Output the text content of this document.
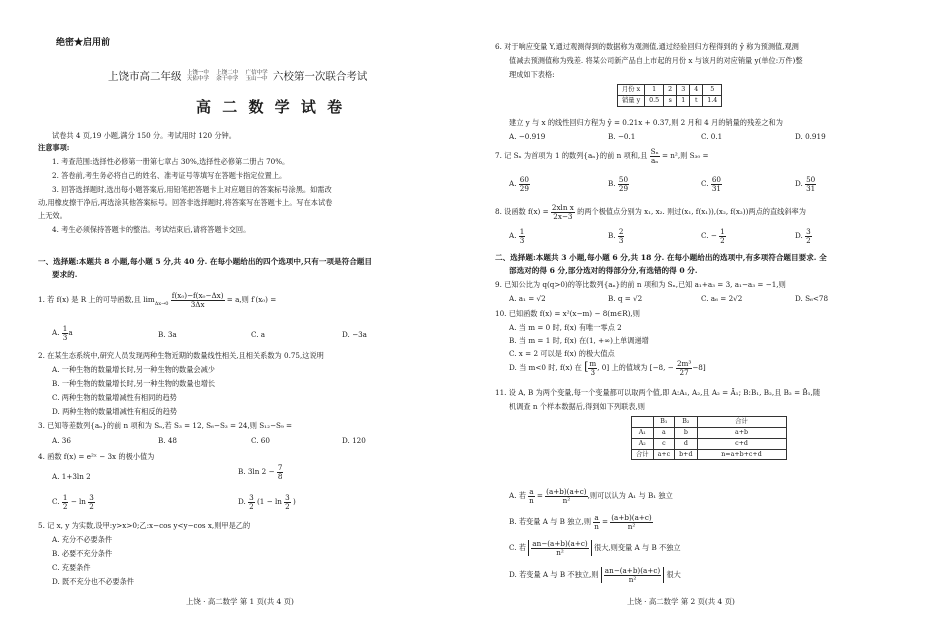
绝密★启用前
上饶市高二年级 上饶一中
天佑中学

上饶二中
余干中学

广信中学
玉山一中 六校第一次联合考试
高 二 数 学 试 卷
试卷共 4 页,19 小题,满分 150 分。考试用时 120 分钟。
注意事项:
1. 考查范围:选择性必修第一册第七章占 30%,选择性必修第二册占 70%。
2. 答卷前,考生务必将自己的姓名、准考证号等填写在答题卡指定位置上。
3. 回答选择题时,选出每小题答案后,用铅笔把答题卡上对应题目的答案标号涂黑。如需改
动,用橡皮擦干净后,再选涂其他答案标号。回答非选择题时,将答案写在答题卡上。写在本试卷
上无效。
4. 考生必须保持答题卡的整洁。考试结束后,请将答题卡交回。
一、选择题:本题共 8 小题,每小题 5 分,共 40 分. 在每小题给出的四个选项中,只有一项是符合题目
要求的.
1. 若 f(x) 是 R 上的可导函数,且 $\lim_{\Delta x\to 0} \frac{\text{f(x₀)−f(x₀−Δx)}}{3\Delta x} = a$,则 f′(x₀) =
A. $\frac{1}{3}$ a	B. 3a	C. a	D. −3a
2. 在某生态系统中,研究人员发现两种生物近期的数量线性相关,且相关系数为 0.75,这说明
A. 一种生物的数量增长时,另一种生物的数量会减少
B. 一种生物的数量增长时,另一种生物的数量也增长
C. 两种生物的数量增减性有相同的趋势
D. 两种生物的数量增减性有相反的趋势
3. 已知等差数列{aₙ}的前 n 项和为 Sₙ,若 S₃ = 12, S₆−S₃ = 24,则 S₁₂−S₉ =
A. 36	B. 48	C. 60	D. 120
4. 函数 f(x) = e²ˣ − 3x 的极小值为
A. 1+3ln 2
B. 3ln $2 - \frac{7}{8}$
C. $\frac{1}{2} - \ln \frac{3}{2}$	D. $\frac{3}{2} (1 - \ln \frac{3}{2}$ )
5. 记 x, y 为实数,设甲:y>x>0;乙:x−cos y<y−cos x,则甲是乙的
A. 充分不必要条件
B. 必要不充分条件
C. 充要条件
D. 既不充分也不必要条件
上饶 · 高二数学 第 1 页(共 4 页)
6. 对于响应变量 Y,通过观测得到的数据称为观测值,通过经验回归方程得到的 ŷ 称为预测值,观测
值减去预测值称为残差. 将某公司新产品自上市起的月份 x 与该月的对应销量 y(单位:万件)整
理成如下表格:
月份 x	1	2	3	4	5
销量 y	0.5	s	1	t	1.4
建立 y 与 x 的线性回归方程为 ŷ = 0.21x + 0.37,则 2 月和 4 月的销量的残差之和为
A. −0.919	B. −0.1	C. 0.1	D. 0.919
7. 记 Sₙ 为首项为 1 的数列{aₙ}的前 n 项和,且 $\frac{\text{Sₙ}}{\text{aₙ}} = n^2$,则 S₃₀ =
A. $\frac{60}{29}$	B. $\frac{50}{29}$	C. $\frac{60}{31}$	D. $\frac{50}{31}$
8. 设函数 $f(x) = \frac{\text{2xln x}}{2x-3}$ 的两个极值点分别为 x₁, x₂. 则过(x₁, f(x₁)),(x₂, f(x₂))两点的直线斜率为
A. $\frac{1}{3}$	B. $\frac{2}{3}$	C. − $\frac{1}{2}$	D. $\frac{3}{2}$
二、选择题:本题共 3 小题,每小题 6 分,共 18 分. 在每小题给出的选项中,有多项符合题目要求. 全
部选对的得 6 分,部分选对的得部分分,有选错的得 0 分.
9. 已知公比为 q(q>0)的等比数列{aₙ}的前 n 项和为 Sₙ,已知 a₁+a₃ = 3, a₁−a₃ = −1,则
A. a₁ = √2	B. q = √2	C. a₆ = 2√2	D. S₆<78
10. 已知函数 f(x) = x²(x−m) − 8(m∈R),则
A. 当 m = 0 时, f(x) 有唯一零点 2
B. 当 m = 1 时, f(x) 在(1, +∞)上单调递增
C. x = 2 可以是 f(x) 的极大值点
D. 当 m<0 时, f(x) 在 [ $\frac{m}{3}$ , 0] 上的值域为 [−8, − $\frac{\text{2m³}}{27} -8$]
11. 设 A, B 为两个变量,每一个变量都可以取两个值,即 A:A₁, A₂,且 A₂ = Ā₁; B:B₁, B₂,且 B₂ = B̄₁,随
机调查 n 个样本数据后,得到如下列联表,则
	B₁	B₂	合计
A₁	a	b	a+b
A₂	c	d	c+d
合计	a+c	b+d	n=a+b+c+d
A. 若 $\frac{a}{n} = \frac{(a+b)(a+c)}{\text{n²}}$ ,则可以认为 A₁ 与 B₁ 独立
B. 若变量 A 与 B 独立,则 $\frac{a}{n} = \frac{(a+b)(a+c)}{\text{n²}}$
C. 若 $\frac{an-(a+b)(a+c)}{\text{n²}}$ 很大,则变量 A 与 B 不独立
D. 若变量 A 与 B 不独立,则 $\frac{an-(a+b)(a+c)}{\text{n²}}$ 很大
上饶 · 高二数学 第 2 页(共 4 页)
